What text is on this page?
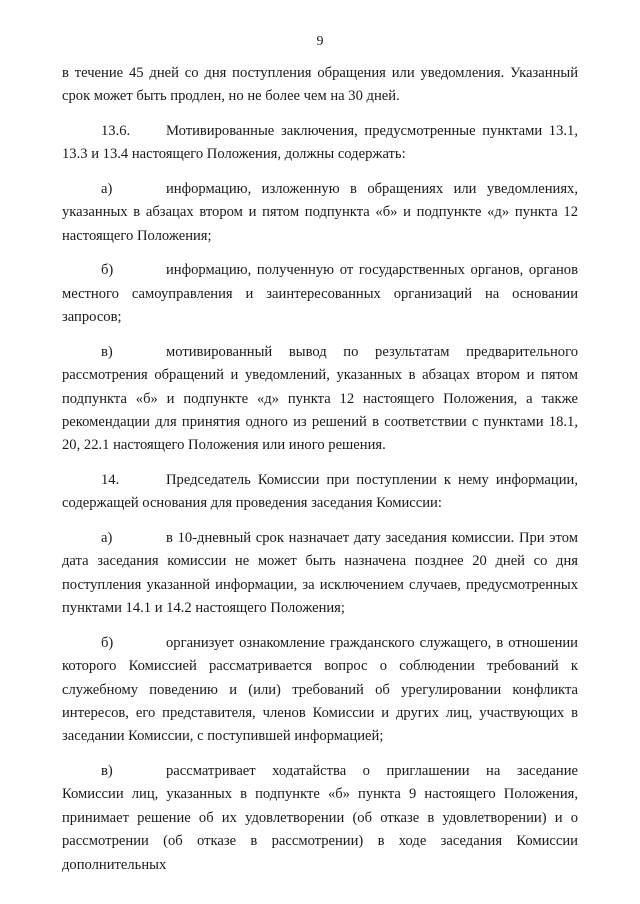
9

в течение 45 дней со дня поступления обращения или уведомления. Указанный срок может быть продлен, но не более чем на 30 дней.

13.6. Мотивированные заключения, предусмотренные пунктами 13.1, 13.3 и 13.4 настоящего Положения, должны содержать:

а)	информацию, изложенную в обращениях или уведомлениях, указанных в абзацах втором и пятом подпункта «б» и подпункте «д» пункта 12 настоящего Положения;

б)	информацию, полученную от государственных органов, органов местного самоуправления и заинтересованных организаций на основании запросов;

в)	мотивированный вывод по результатам предварительного рассмотрения обращений и уведомлений, указанных в абзацах втором и пятом подпункта «б» и подпункте «д» пункта 12 настоящего Положения, а также рекомендации для принятия одного из решений в соответствии с пунктами 18.1, 20, 22.1 настоящего Положения или иного решения.

14.	Председатель Комиссии при поступлении к нему информации, содержащей основания для проведения заседания Комиссии:

а)	в 10-дневный срок назначает дату заседания комиссии. При этом дата заседания комиссии не может быть назначена позднее 20 дней со дня поступления указанной информации, за исключением случаев, предусмотренных пунктами 14.1 и 14.2 настоящего Положения;

б)	организует ознакомление гражданского служащего, в отношении которого Комиссией рассматривается вопрос о соблюдении требований к служебному поведению и (или) требований об урегулировании конфликта интересов, его представителя, членов Комиссии и других лиц, участвующих в заседании Комиссии, с поступившей информацией;

в)	рассматривает ходатайства о приглашении на заседание Комиссии лиц, указанных в подпункте «б» пункта 9 настоящего Положения, принимает решение об их удовлетворении (об отказе в удовлетворении) и о рассмотрении (об отказе в рассмотрении) в ходе заседания Комиссии дополнительных
